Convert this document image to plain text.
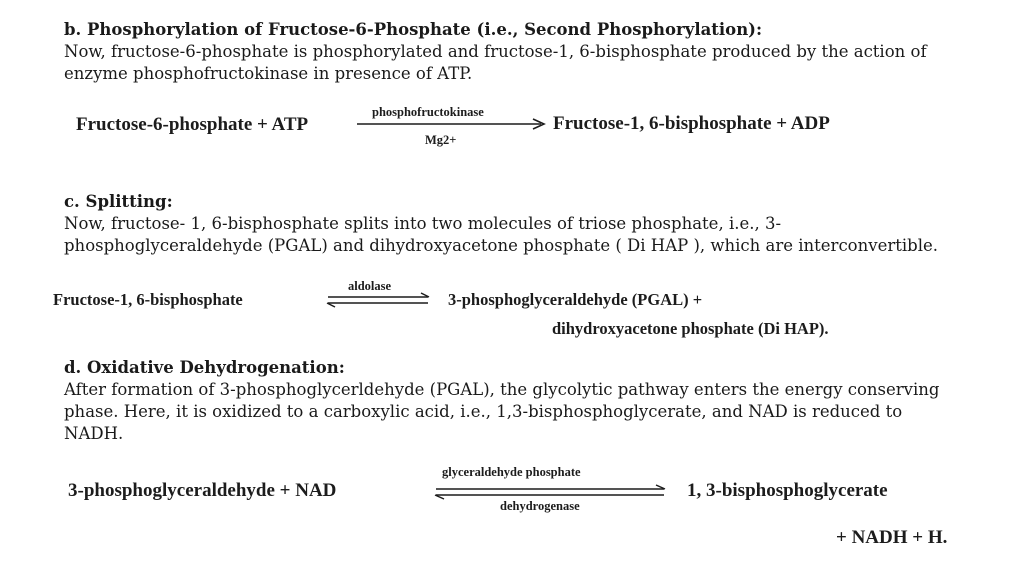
b. Phosphorylation of Fructose-6-Phosphate (i.e., Second Phosphorylation):
Now, fructose-6-phosphate is phosphorylated and fructose-1, 6-bisphosphate produced by the action of enzyme phosphofructokinase in presence of ATP.
Fructose-6-phosphate + ATP
phosphofructokinase
Mg2+
Fructose-1, 6-bisphosphate + ADP
c. Splitting:
Now, fructose- 1, 6-bisphosphate splits into two molecules of triose phosphate, i.e., 3-phosphoglyceraldehyde (PGAL) and dihydroxyacetone phosphate ( Di HAP ), which are interconvertible.
Fructose-1, 6-bisphosphate
aldolase
3-phosphoglyceraldehyde (PGAL) +
dihydroxyacetone phosphate (Di HAP).
d. Oxidative Dehydrogenation:
After formation of 3-phosphoglycerldehyde (PGAL), the glycolytic pathway enters the energy conserving phase. Here, it is oxidized to a carboxylic acid, i.e., 1,3-bisphosphoglycerate, and NAD is reduced to NADH.
3-phosphoglyceraldehyde + NAD
glyceraldehyde phosphate
dehydrogenase
1, 3-bisphosphoglycerate
+ NADH + H.
